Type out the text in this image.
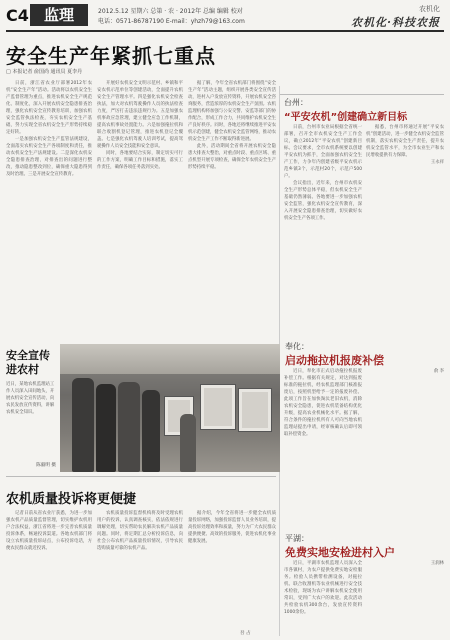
C4	监理	2012.5.12 星期六 总第 · 农 · 2012年 总编 编辑 校对
电话：0571-86787190 E-mail：yhzh79@163.com
农机化
农机化·科技农报
安全生产年紧抓七重点
□ 本报记者 俞国尚 通讯员 夏李丹

日前，浙江省农业厅部署2012年农机“安全生产年”活动。活动将以农机安全生产监督管理为重点，推进农机安全生产规范化、制度化，深入开展农机安全隐患排查治理，强化农机安全宣传教育培训，加强农机安全监管执法检查，夯实农机安全生产基础，努力实现全省农机安全生产形势持续稳定好转。

一是加强农机安全生产监管法规建设，全面落实农机安全生产各项制度和责任，推动农机安全生产法规建设。二是深化农机安全隐患排查治理，对排查出的问题进行整改，推动隐患整改到位，确保重大隐患得到及时治理。三是开展安全宣传教育。

开展好农机安全文明示范村、乡镇和平安农机示范单位等创建活动，全面提升农机安全生产管理水平。四是强化农机安全检查执法，加大对农机驾驶操作人员的执法检查力度，严厉打击违法违规行为。五是加强农机事故应急管理，建立健全应急工作机制，提高农机事故处置能力。六是加强拖拉机和联合收割机登记管理，推进农机登记全覆盖。七是强化农机驾驶人培训考试，提高驾驶操作人员安全技能和安全意识。

同时，各地要结合实际，制定切实可行的工作方案，明确工作目标和措施，落实工作责任，确保各项任务落到实处。

据了解，今年全省农机部门将围绕“安全生产年”活动主题，组织开展各类安全宣传活动，进村入户发放宣传资料，开展农机安全咨询服务，营造浓厚的农机安全生产氛围。农机监理机构将加强与公安交警、安监等部门的协作配合，形成工作合力，共同维护农机安全生产良好秩序。同时，各地还将继续推进平安农机示范创建，健全农机安全监管网络，推动农机安全生产工作不断取得新进展。

此外，活动期间全省将开展农机安全隐患大排查大整治，对重点时段、重点区域、重点机型开展专项检查，确保全年农机安全生产形势持续平稳。

台州：
“平安农机”创建确立新目标

日前，台州市农业局根据全省统一部署，召开全市农机安全生产工作会议，确立2012年“平安农机”创建新目标。会议要求，全市农机系统要以创建平安农机为抓手，全面加强农机安全生产工作，力争年内创建省级平安农机示范乡镇3个，示范村20个，示范户500户。

会议指出，近年来，台州市农机安全生产形势总体平稳，但农机安全生产基础仍然薄弱。各地要进一步加强农机安全监管，强化农机安全宣传教育，深入开展安全隐患排查治理，切实做好农机安全生产各项工作。

据悉，台州市将通过开展“平安农机”创建活动，进一步健全农机安全监管机制，落实农机安全生产责任，提升农机安全监管水平，为全市农业生产和农民增收提供有力保障。

王永祥

奉化：
启动拖拉机报废补偿

近日，奉化市正式启动拖拉机报废补偿工作。根据有关规定，对达到报废标准的拖拉机，经农机监理部门核准报废后，按照机型给予一定的报废补偿。此项工作旨在加快淘汰老旧农机，消除农机安全隐患，促进农机装备结构优化升级，提高农业机械化水平。据了解，符合条件的拖拉机所有人可向当地农机监理站提出申请，经审核确认后即可领取补偿资金。

俞 李

平湖：
免费实地安检进村入户

近日，平湖市农机监理人员深入全市各镇村，为农户提供免费实地安检服务。检验人员携带检测设备，对拖拉机、联合收割机等农业机械进行安全技术检验，现场为农户讲解农机安全使用常识，受到广大农户的欢迎。此次活动共检验农机300余台，发放宣传资料1000余份。

王润林

安全宣传进农村
近日，某地农机监理站工作人员深入田间地头，开展农机安全宣传活动，向农民发放宣传资料，讲解农机安全知识。
陈毅明 摄
农机质量投诉将更便捷

记者日前从省农业厅获悉，为进一步加强农机产品质量监督管理，切实维护农机用户合法权益，浙江省将进一步完善农机质量投诉体系，畅通投诉渠道。各地农机部门将设立农机质量投诉站点，公布投诉电话，方便农民群众就近投诉。

农机质量投诉监督机构将及时受理农机用户的投诉，认真调查核实，依法依规进行调解处理，切实帮助农民解决农机产品质量问题。同时，将定期汇总分析投诉信息，向社会公布农机产品质量投诉情况，引导农民选购质量可靠的农机产品。

据介绍，今年全省将进一步健全农机质量投诉网络，加强投诉监督人员业务培训，提高投诉处理效率和质量，努力为广大农民群众提供便捷、高效的投诉服务，促进农机化事业健康发展。

吾 占
